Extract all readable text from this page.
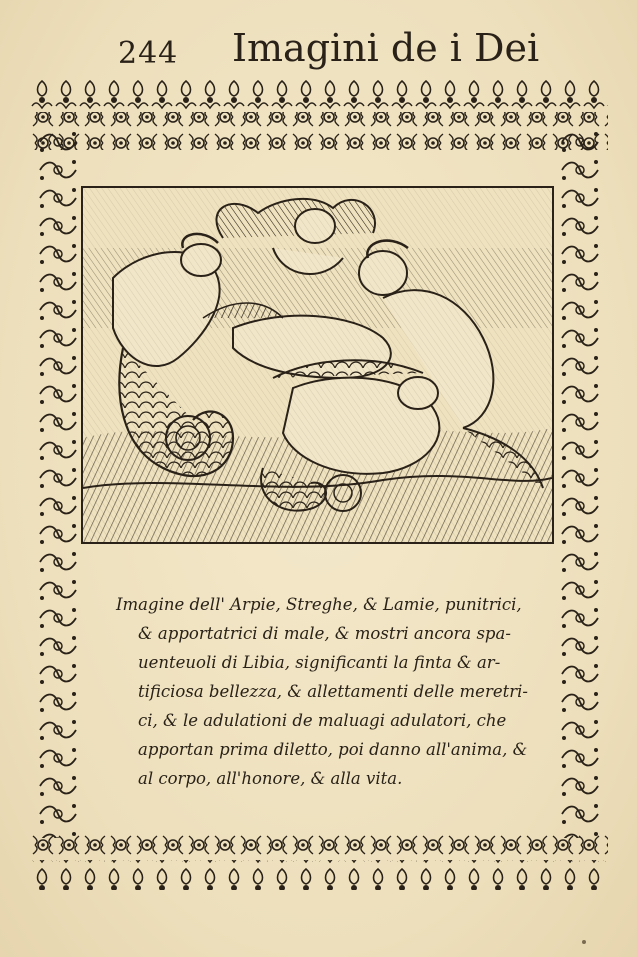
244 Imagini de i Dei
Imagine dell' Arpie, Streghe, & Lamie, punitrici,
& apportatrici di male, & mostri ancora spa-
uenteuoli di Libia, significanti la finta & ar-
tificiosa bellezza, & allettamenti delle meretri-
ci, & le adulationi de maluagi adulatori, che
apportan prima diletto, poi danno all'anima, &
al corpo, all'honore, & alla vita.
